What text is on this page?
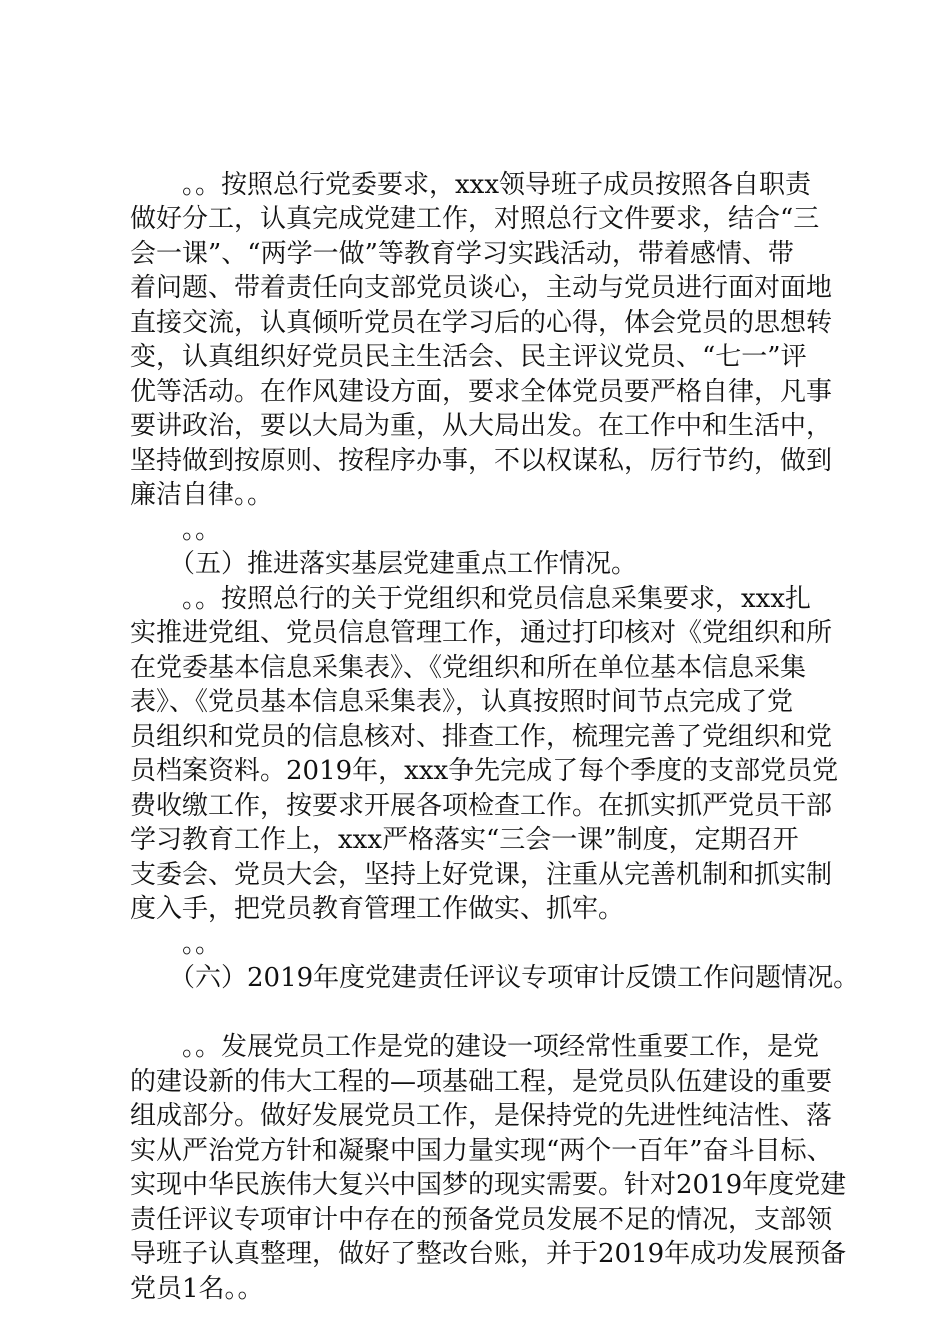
　　。。按照总行党委要求，xxx领导班子成员按照各自职责
做好分工，认真完成党建工作，对照总行文件要求，结合“三
会一课”、“两学一做”等教育学习实践活动，带着感情、带
着问题、带着责任向支部党员谈心，主动与党员进行面对面地
直接交流，认真倾听党员在学习后的心得，体会党员的思想转
变，认真组织好党员民主生活会、民主评议党员、“七一”评
优等活动。在作风建设方面，要求全体党员要严格自律，凡事
要讲政治，要以大局为重，从大局出发。在工作中和生活中，
坚持做到按原则、按程序办事，不以权谋私，厉行节约，做到
廉洁自律。。
　　。。
　　（五）推进落实基层党建重点工作情况。
　　。。按照总行的关于党组织和党员信息采集要求，xxx扎
实推进党组、党员信息管理工作，通过打印核对《党组织和所
在党委基本信息采集表》、《党组织和所在单位基本信息采集
表》、《党员基本信息采集表》，认真按照时间节点完成了党
员组织和党员的信息核对、排查工作，梳理完善了党组织和党
员档案资料。2019年，xxx争先完成了每个季度的支部党员党
费收缴工作，按要求开展各项检查工作。在抓实抓严党员干部
学习教育工作上，xxx严格落实“三会一课”制度，定期召开
支委会、党员大会，坚持上好党课，注重从完善机制和抓实制
度入手，把党员教育管理工作做实、抓牢。
　　。。
　　（六）2019年度党建责任评议专项审计反馈工作问题情况。
　　。。发展党员工作是党的建设一项经常性重要工作，是党
的建设新的伟大工程的—项基础工程，是党员队伍建设的重要
组成部分。做好发展党员工作，是保持党的先进性纯洁性、落
实从严治党方针和凝聚中国力量实现“两个一百年”奋斗目标、
实现中华民族伟大复兴中国梦的现实需要。针对2019年度党建
责任评议专项审计中存在的预备党员发展不足的情况，支部领
导班子认真整理，做好了整改台账，并于2019年成功发展预备
党员1名。。
